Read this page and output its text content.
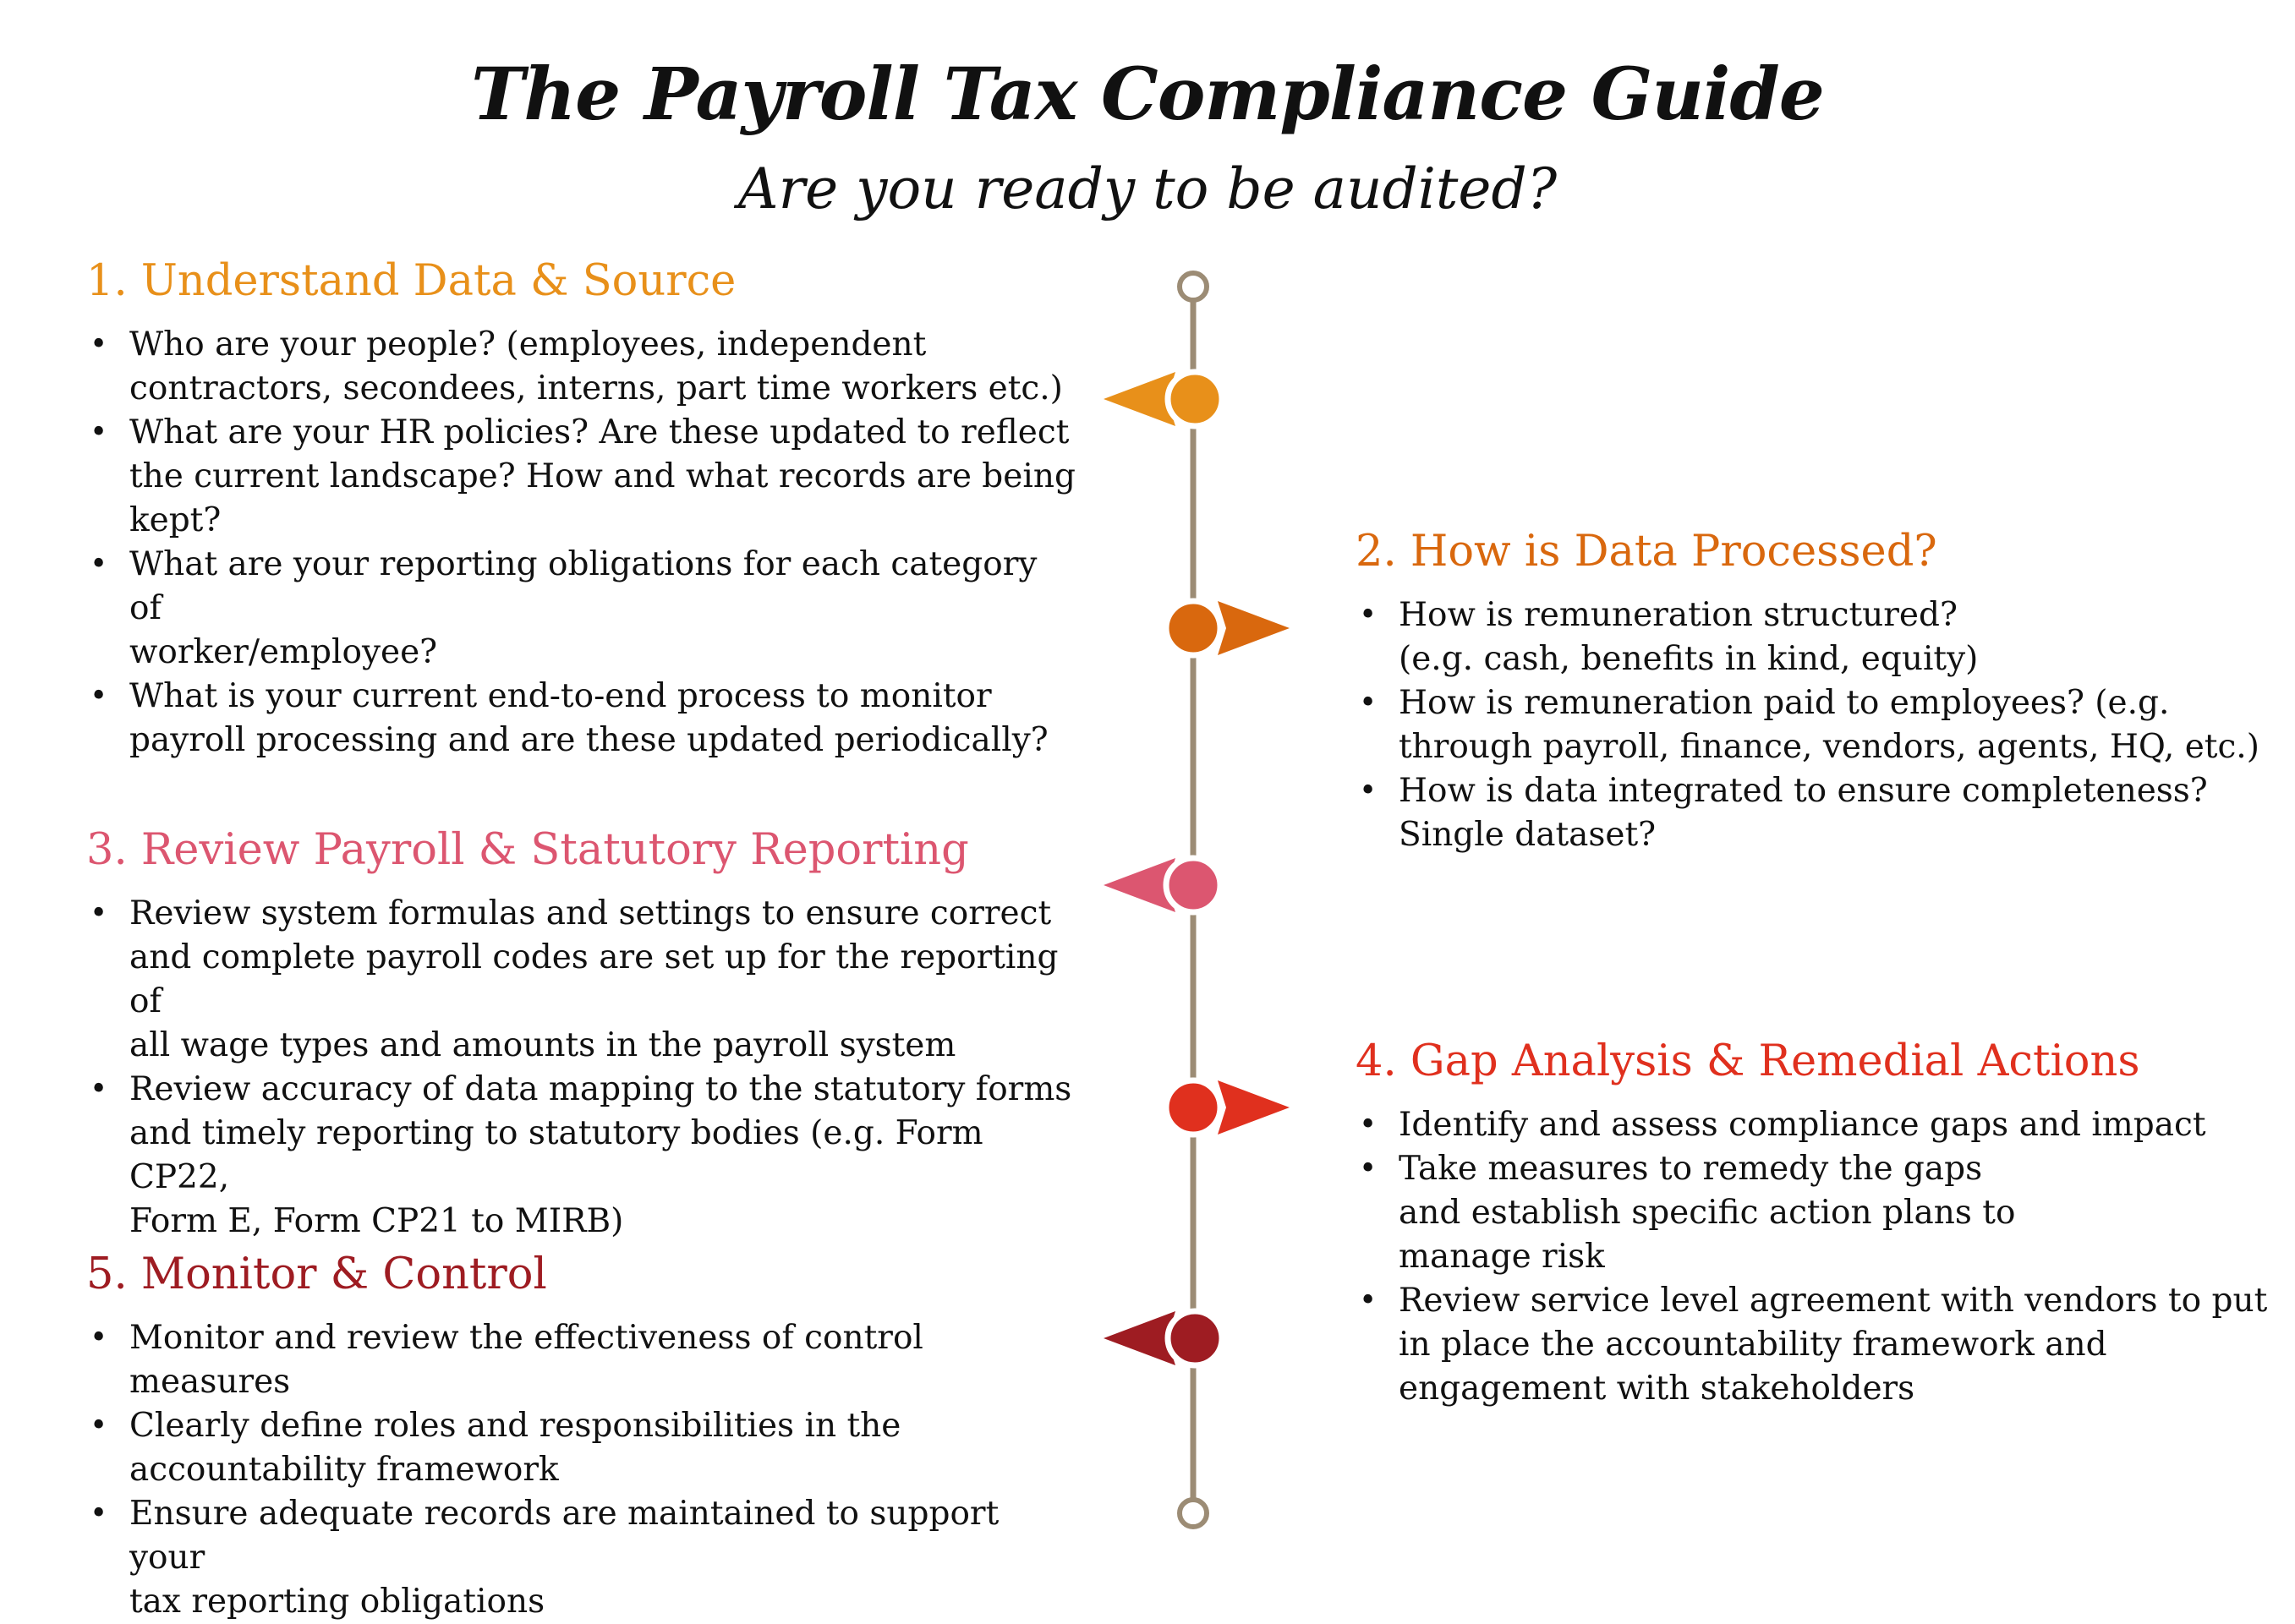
The Payroll Tax Compliance Guide
Are you ready to be audited?
1. Understand Data & Source
• Who are your people? (employees, independent
contractors, secondees, interns, part time workers etc.)
• What are your HR policies? Are these updated to reflect
the current landscape? How and what records are being
kept?
• What are your reporting obligations for each category of
worker/employee?
• What is your current end-to-end process to monitor
payroll processing and are these updated periodically?
2. How is Data Processed?
• How is remuneration structured?
(e.g. cash, benefits in kind, equity)
• How is remuneration paid to employees? (e.g.
through payroll, finance, vendors, agents, HQ, etc.)
• How is data integrated to ensure completeness?
Single dataset?
3. Review Payroll & Statutory Reporting
• Review system formulas and settings to ensure correct
and complete payroll codes are set up for the reporting of
all wage types and amounts in the payroll system
• Review accuracy of data mapping to the statutory forms
and timely reporting to statutory bodies (e.g. Form CP22,
Form E, Form CP21 to MIRB)
4. Gap Analysis & Remedial Actions
• Identify and assess compliance gaps and impact
• Take measures to remedy the gaps
and establish specific action plans to
manage risk
• Review service level agreement with vendors to put
in place the accountability framework and
engagement with stakeholders
5. Monitor & Control
• Monitor and review the effectiveness of control measures
• Clearly define roles and responsibilities in the
accountability framework
• Ensure adequate records are maintained to support your
tax reporting obligations
